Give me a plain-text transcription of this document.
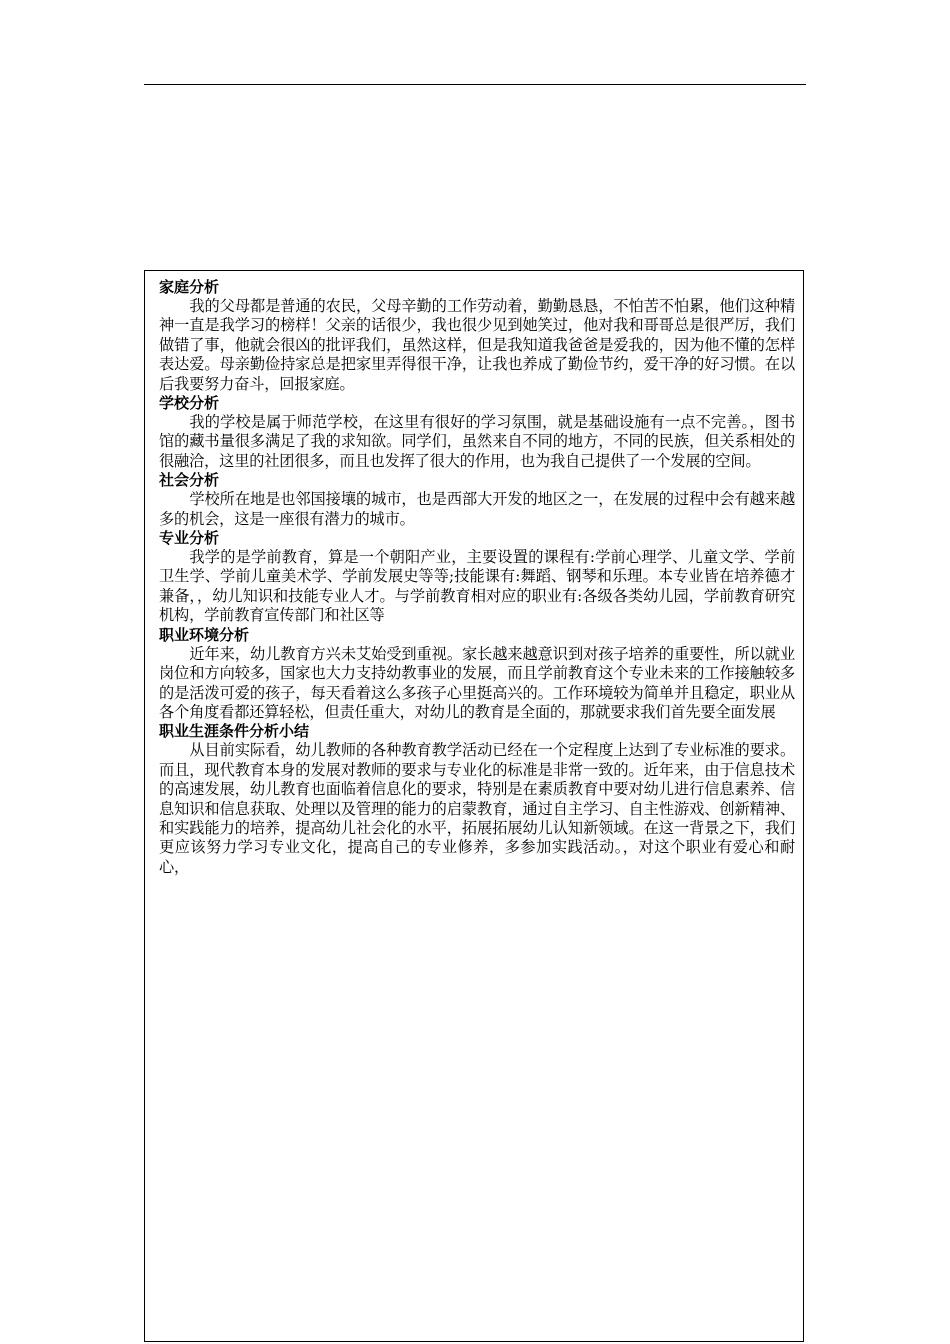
家庭分析

我的父母都是普通的农民，父母辛勤的工作劳动着，勤勤恳恳，不怕苦不怕累，他们这种精神一直是我学习的榜样！父亲的话很少，我也很少见到她笑过，他对我和哥哥总是很严厉，我们做错了事，他就会很凶的批评我们，虽然这样，但是我知道我爸爸是爱我的，因为他不懂的怎样表达爱。母亲勤俭持家总是把家里弄得很干净，让我也养成了勤俭节约，爱干净的好习惯。在以后我要努力奋斗，回报家庭。

学校分析

我的学校是属于师范学校，在这里有很好的学习氛围，就是基础设施有一点不完善。，图书馆的藏书量很多满足了我的求知欲。同学们，虽然来自不同的地方，不同的民族，但关系相处的很融洽，这里的社团很多，而且也发挥了很大的作用，也为我自己提供了一个发展的空间。

社会分析

学校所在地是也邻国接壤的城市，也是西部大开发的地区之一，在发展的过程中会有越来越多的机会，这是一座很有潜力的城市。

专业分析

我学的是学前教育，算是一个朝阳产业，主要设置的课程有:学前心理学、儿童文学、学前卫生学、学前儿童美术学、学前发展史等等;技能课有:舞蹈、钢琴和乐理。本专业皆在培养德才兼备，，幼儿知识和技能专业人才。与学前教育相对应的职业有:各级各类幼儿园，学前教育研究机构，学前教育宣传部门和社区等

职业环境分析

近年来，幼儿教育方兴未艾始受到重视。家长越来越意识到对孩子培养的重要性，所以就业岗位和方向较多，国家也大力支持幼教事业的发展，而且学前教育这个专业未来的工作接触较多的是活泼可爱的孩子，每天看着这么多孩子心里挺高兴的。工作环境较为简单并且稳定，职业从各个角度看都还算轻松，但责任重大，对幼儿的教育是全面的，那就要求我们首先要全面发展

职业生涯条件分析小结

从目前实际看，幼儿教师的各种教育教学活动已经在一个定程度上达到了专业标准的要求。而且，现代教育本身的发展对教师的要求与专业化的标准是非常一致的。近年来，由于信息技术的高速发展，幼儿教育也面临着信息化的要求，特别是在素质教育中要对幼儿进行信息素养、信息知识和信息获取、处理以及管理的能力的启蒙教育，通过自主学习、自主性游戏、创新精神、和实践能力的培养，提高幼儿社会化的水平，拓展拓展幼儿认知新领域。在这一背景之下，我们更应该努力学习专业文化，提高自己的专业修养，多参加实践活动。，对这个职业有爱心和耐心，
